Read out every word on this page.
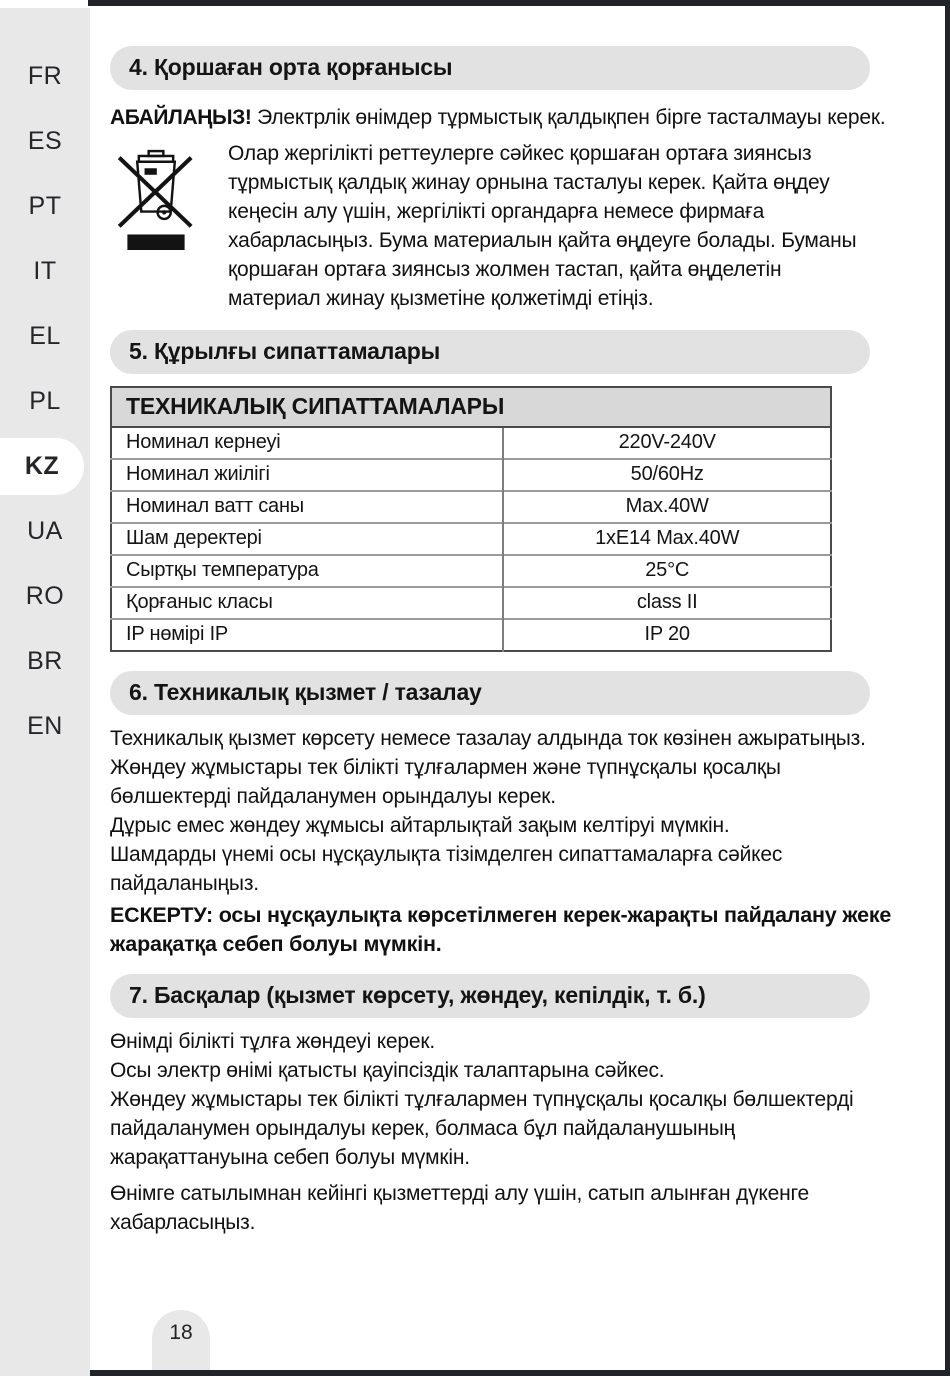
FR
ES
PT
IT
EL
PL
KZ
UA
RO
BR
EN
4. Қоршаған орта қорғанысы

АБАЙЛАҢЫЗ! Электрлік өнімдер тұрмыстық қалдықпен бірге тасталмауы керек.

Олар жергілікті реттеулерге сәйкес қоршаған ортаға зиянсыз тұрмыстық қалдық жинау орнына тасталуы керек. Қайта өңдеу кеңесін алу үшін, жергілікті органдарға немесе фирмаға хабарласыңыз. Бума материалын қайта өңдеуге болады. Буманы қоршаған ортаға зиянсыз жолмен тастап, қайта өңделетін материал жинау қызметіне қолжетімді етіңіз.

5. Құрылғы сипаттамалары
ТЕХНИКАЛЫҚ СИПАТТАМАЛАРЫ	
Номинал кернеуі	220V-240V
Номинал жиілігі	50/60Hz
Номинал ватт саны	Max.40W
Шам деректері	1xE14 Max.40W
Сыртқы температура	25°C
Қорғаныс класы	class II
IP нөмірі IP	IP 20
6. Техникалық қызмет / тазалау

Техникалық қызмет көрсету немесе тазалау алдында ток көзінен ажыратыңыз.

Жөндеу жұмыстары тек білікті тұлғалармен және түпнұсқалы қосалқы бөлшектерді пайдаланумен орындалуы керек.

Дұрыс емес жөндеу жұмысы айтарлықтай зақым келтіруі мүмкін.

Шамдарды үнемі осы нұсқаулықта тізімделген сипаттамаларға сәйкес пайдаланыңыз.

ЕСКЕРТУ: осы нұсқаулықта көрсетілмеген керек-жарақты пайдалану жеке жарақатқа себеп болуы мүмкін.

7. Басқалар (қызмет көрсету, жөндеу, кепілдік, т. б.)

Өнімді білікті тұлға жөндеуі керек.

Осы электр өнімі қатысты қауіпсіздік талаптарына сәйкес.

Жөндеу жұмыстары тек білікті тұлғалармен түпнұсқалы қосалқы бөлшектерді пайдаланумен орындалуы керек, болмаса бұл пайдаланушының жарақаттануына себеп болуы мүмкін.

Өнімге сатылымнан кейінгі қызметтерді алу үшін, сатып алынған дүкенге хабарласыңыз.

18
